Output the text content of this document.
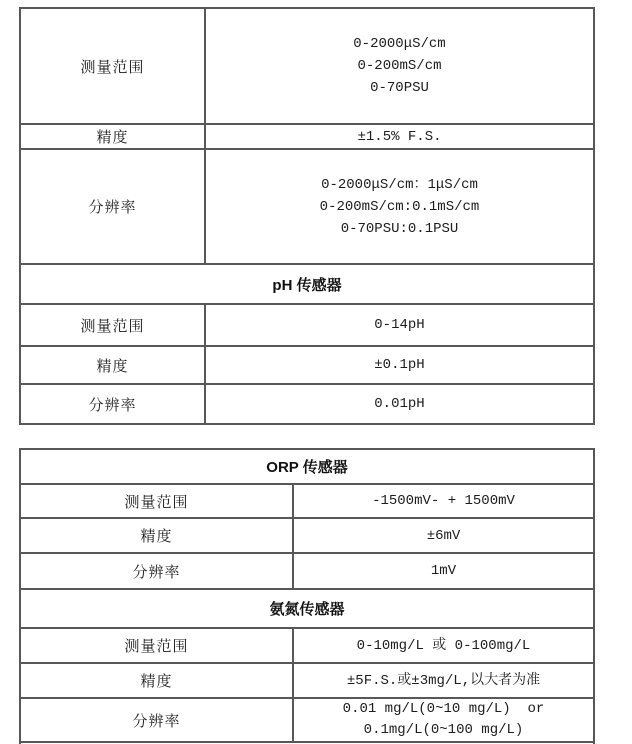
测量范围	0-2000μS/cm
0-200mS/cm
0-70PSU

精度	±1.5% F.S.

分辨率	0-2000μS/cm：1μS/cm
0-200mS/cm:0.1mS/cm
0-70PSU:0.1PSU

pH 传感器	
测量范围	0-14pH

精度	±0.1pH

分辨率	0.01pH
ORP 传感器	
测量范围	-1500mV- + 1500mV

精度	±6mV

分辨率	1mV

氨氮传感器	
测量范围	0-10mg/L 或 0-100mg/L

精度	±5F.S.或±3mg/L,以大者为准

分辨率	0.01 mg/L(0~10 mg/L)  or
0.1mg/L(0~100 mg/L)
